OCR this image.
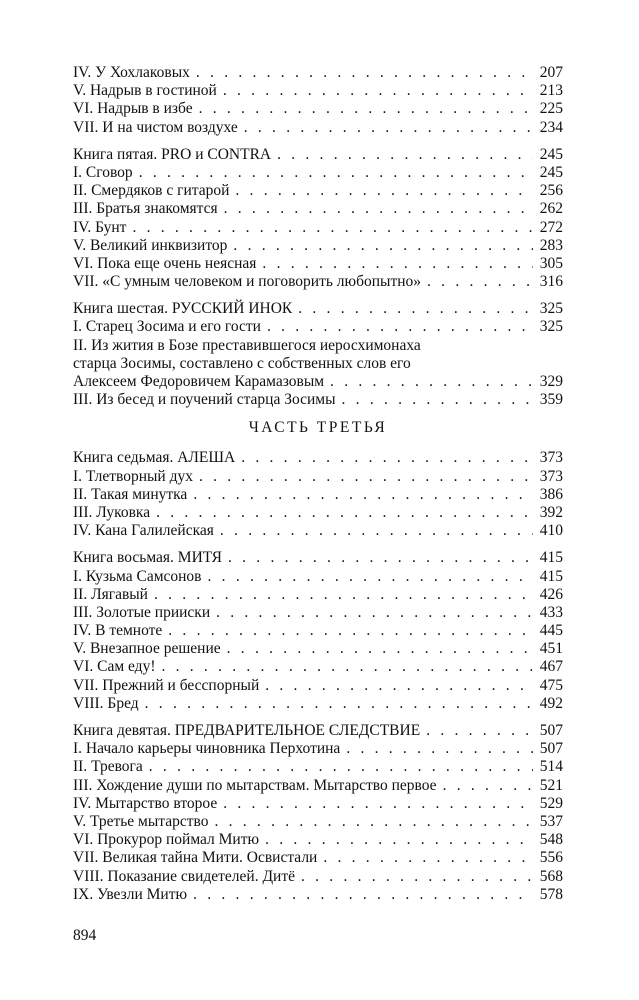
IV. У Хохлаковых . . .	207
V. Надрыв в гостиной . . .	213
VI. Надрыв в избе . . .	225
VII. И на чистом воздухе . . .	234
Книга пятая. PRO и CONTRA . . .	245
I. Сговор . . .	245
II. Смердяков с гитарой . . .	256
III. Братья знакомятся . . .	262
IV. Бунт . . .	272
V. Великий инквизитор . . .	283
VI. Пока еще очень неясная . . .	305
VII. «С умным человеком и поговорить любопытно» . . .	316
Книга шестая. РУССКИЙ ИНОК . . .	325
I. Старец Зосима и его гости . . .	325
II. Из жития в Бозе преставившегося иеросхимонаха
старца Зосимы, составлено с собственных слов его
Алексеем Федоровичем Карамазовым . . .	329
III. Из бесед и поучений старца Зосимы . . .	359
ЧАСТЬ ТРЕТЬЯ
Книга седьмая. АЛЕША . . .	373
I. Тлетворный дух . . .	373
II. Такая минутка . . .	386
III. Луковка . . .	392
IV. Кана Галилейская . . .	410
Книга восьмая. МИТЯ . . .	415
I. Кузьма Самсонов . . .	415
II. Лягавый . . .	426
III. Золотые прииски . . .	433
IV. В темноте . . .	445
V. Внезапное решение . . .	451
VI. Сам еду! . . .	467
VII. Прежний и бесспорный . . .	475
VIII. Бред . . .	492
Книга девятая. ПРЕДВАРИТЕЛЬНОЕ СЛЕДСТВИЕ . . .	507
I. Начало карьеры чиновника Перхотина . . .	507
II. Тревога . . .	514
III. Хождение души по мытарствам. Мытарство первое . . .	521
IV. Мытарство второе . . .	529
V. Третье мытарство . . .	537
VI. Прокурор поймал Митю . . .	548
VII. Великая тайна Мити. Освистали . . .	556
VIII. Показание свидетелей. Дитё . . .	568
IX. Увезли Митю . . .	578
894
